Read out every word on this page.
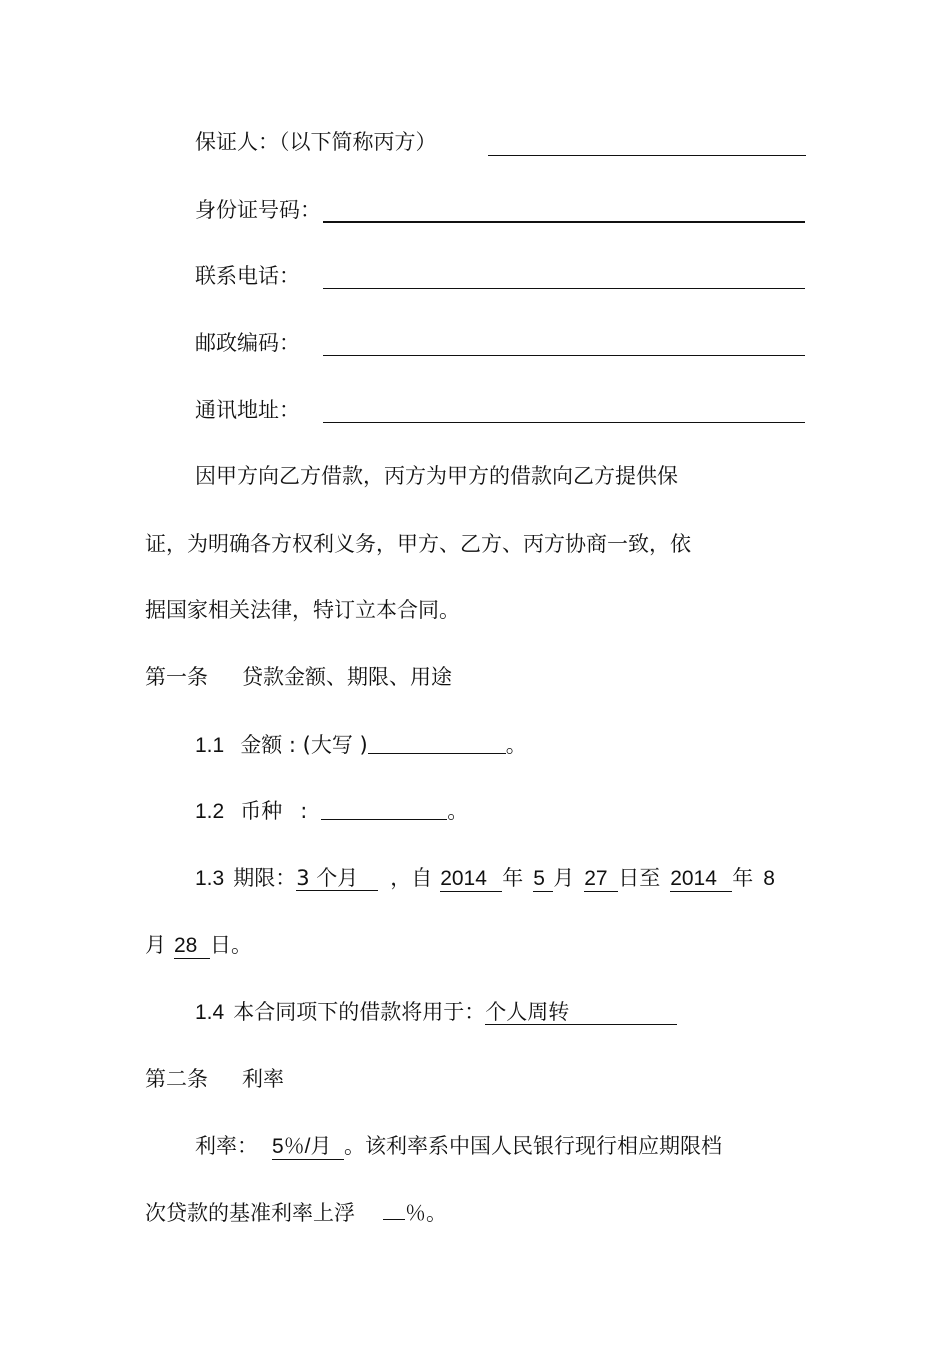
保证人：（以下简称丙方）
身份证号码：
联系电话：
邮政编码：
通讯地址：
因甲方向乙方借款，丙方为甲方的借款向乙方提供保
证，为明确各方权利义务，甲方、乙方、丙方协商一致，依
据国家相关法律，特订立本合同。
第一条 贷款金额、期限、用途
1.1 金额 : (大写 )	。
1.2 币种 :	。
1.3 期限：3 个月 ，自 2014 年 5 月 27 日至 2014 年 8
月 28 日。
1.4 本合同项下的借款将用于：个人周转
第二条 利率
利率： 5％/月 。该利率系中国人民银行现行相应期限档
次贷款的基准利率上浮 ％。
